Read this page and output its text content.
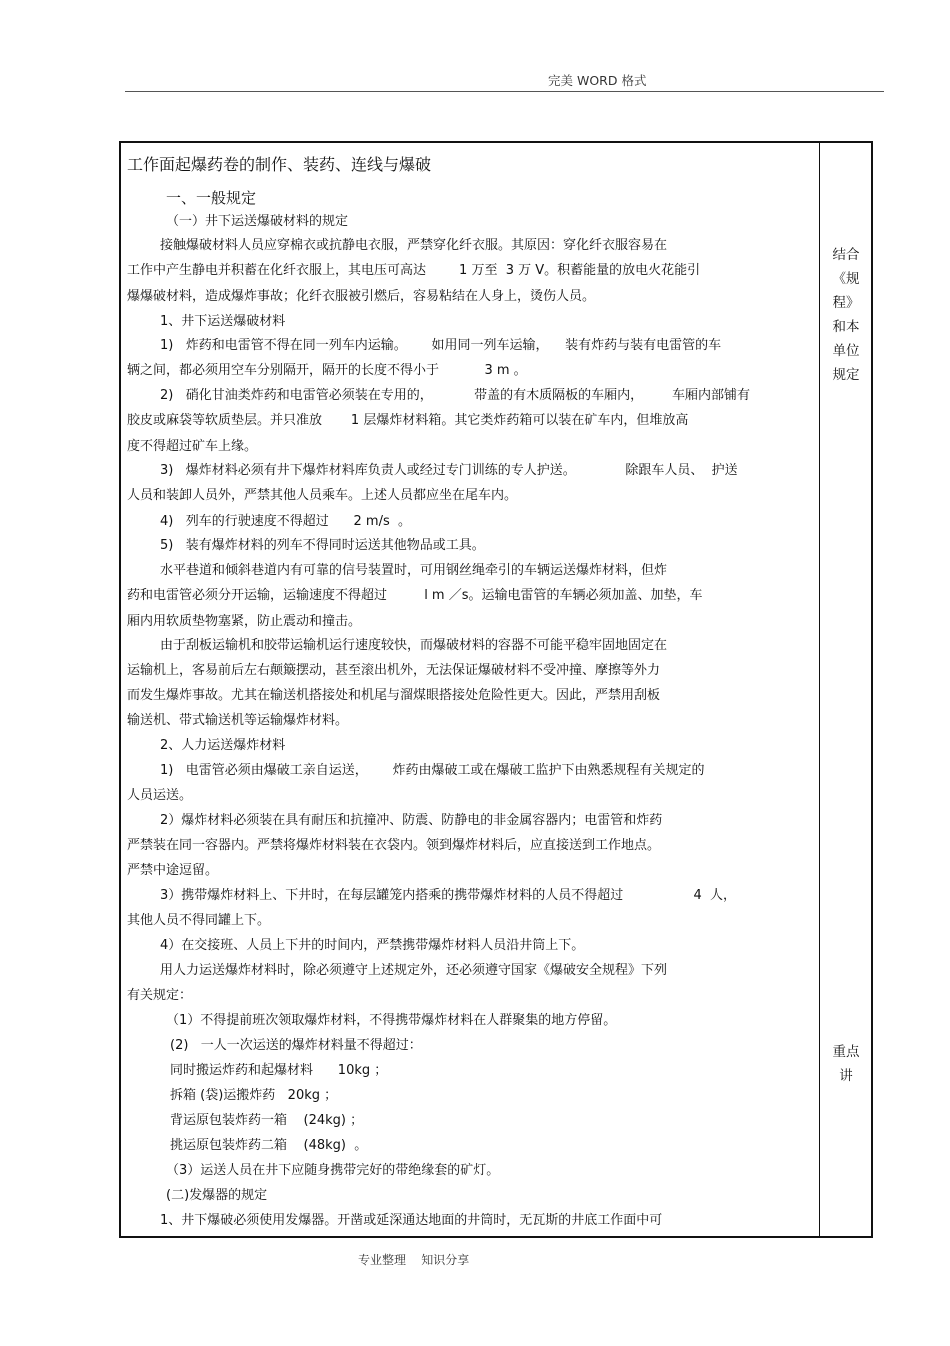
完美 WORD 格式
工作面起爆药卷的制作、装药、连线与爆破
一、一般规定
（一）井下运送爆破材料的规定
接触爆破材料人员应穿棉衣或抗静电衣服，严禁穿化纤衣服。其原因：穿化纤衣服容易在
工作中产生静电并积蓄在化纤衣服上，其电压可高达        1 万至  3 万 V。积蓄能量的放电火花能引
爆爆破材料，造成爆炸事故；化纤衣服被引燃后，容易粘结在人身上，烫伤人员。
1、井下运送爆破材料
1)   炸药和电雷管不得在同一列车内运输。      如用同一列车运输，    装有炸药与装有电雷管的车
辆之间，都必须用空车分别隔开，隔开的长度不得小于           3 m 。
2)   硝化甘油类炸药和电雷管必须装在专用的，          带盖的有木质隔板的车厢内，       车厢内部铺有
胶皮或麻袋等软质垫层。并只准放       1 层爆炸材料箱。其它类炸药箱可以装在矿车内，但堆放高
度不得超过矿车上缘。
3)   爆炸材料必须有井下爆炸材料库负责人或经过专门训练的专人护送。            除跟车人员、  护送
人员和装卸人员外，严禁其他人员乘车。上述人员都应坐在尾车内。
4)   列车的行驶速度不得超过      2 m/s  。
5)   装有爆炸材料的列车不得同时运送其他物品或工具。
水平巷道和倾斜巷道内有可靠的信号装置时，可用钢丝绳牵引的车辆运送爆炸材料，但炸
药和电雷管必须分开运输，运输速度不得超过         l m ／s。运输电雷管的车辆必须加盖、加垫，车
厢内用软质垫物塞紧，防止震动和撞击。
由于刮板运输机和胶带运输机运行速度较快，而爆破材料的容器不可能平稳牢固地固定在
运输机上，客易前后左右颠簸摆动，甚至滚出机外，无法保证爆破材料不受冲撞、摩擦等外力
而发生爆炸事故。尤其在输送机搭接处和机尾与溜煤眼搭接处危险性更大。因此，严禁用刮板
输送机、带式输送机等运输爆炸材料。
2、人力运送爆炸材料
1)   电雷管必须由爆破工亲自运送，      炸药由爆破工或在爆破工监护下由熟悉规程有关规定的
人员运送。
2）爆炸材料必须装在具有耐压和抗撞冲、防震、防静电的非金属容器内；电雷管和炸药
严禁装在同一容器内。严禁将爆炸材料装在衣袋内。领到爆炸材料后，应直接送到工作地点。
严禁中途逗留。
3）携带爆炸材料上、下井时，在每层罐笼内搭乘的携带爆炸材料的人员不得超过                 4  人，
其他人员不得同罐上下。
4）在交接班、人员上下井的时间内，严禁携带爆炸材料人员沿井筒上下。
用人力运送爆炸材料时，除必须遵守上述规定外，还必须遵守国家《爆破安全规程》下列
有关规定：
（1）不得提前班次领取爆炸材料，不得携带爆炸材料在人群聚集的地方停留。
(2)   一人一次运送的爆炸材料量不得超过：
同时搬运炸药和起爆材料      10kg ；
拆箱 (袋)运搬炸药   20kg ；
背运原包装炸药一箱    (24kg) ；
挑运原包装炸药二箱    (48kg)  。
（3）运送人员在井下应随身携带完好的带绝缘套的矿灯。
(二)发爆器的规定
1、井下爆破必须使用发爆器。开凿或延深通达地面的井筒时，无瓦斯的井底工作面中可
结合
《规
程》
和本
单位
规定
重点
讲
专业整理    知识分享
